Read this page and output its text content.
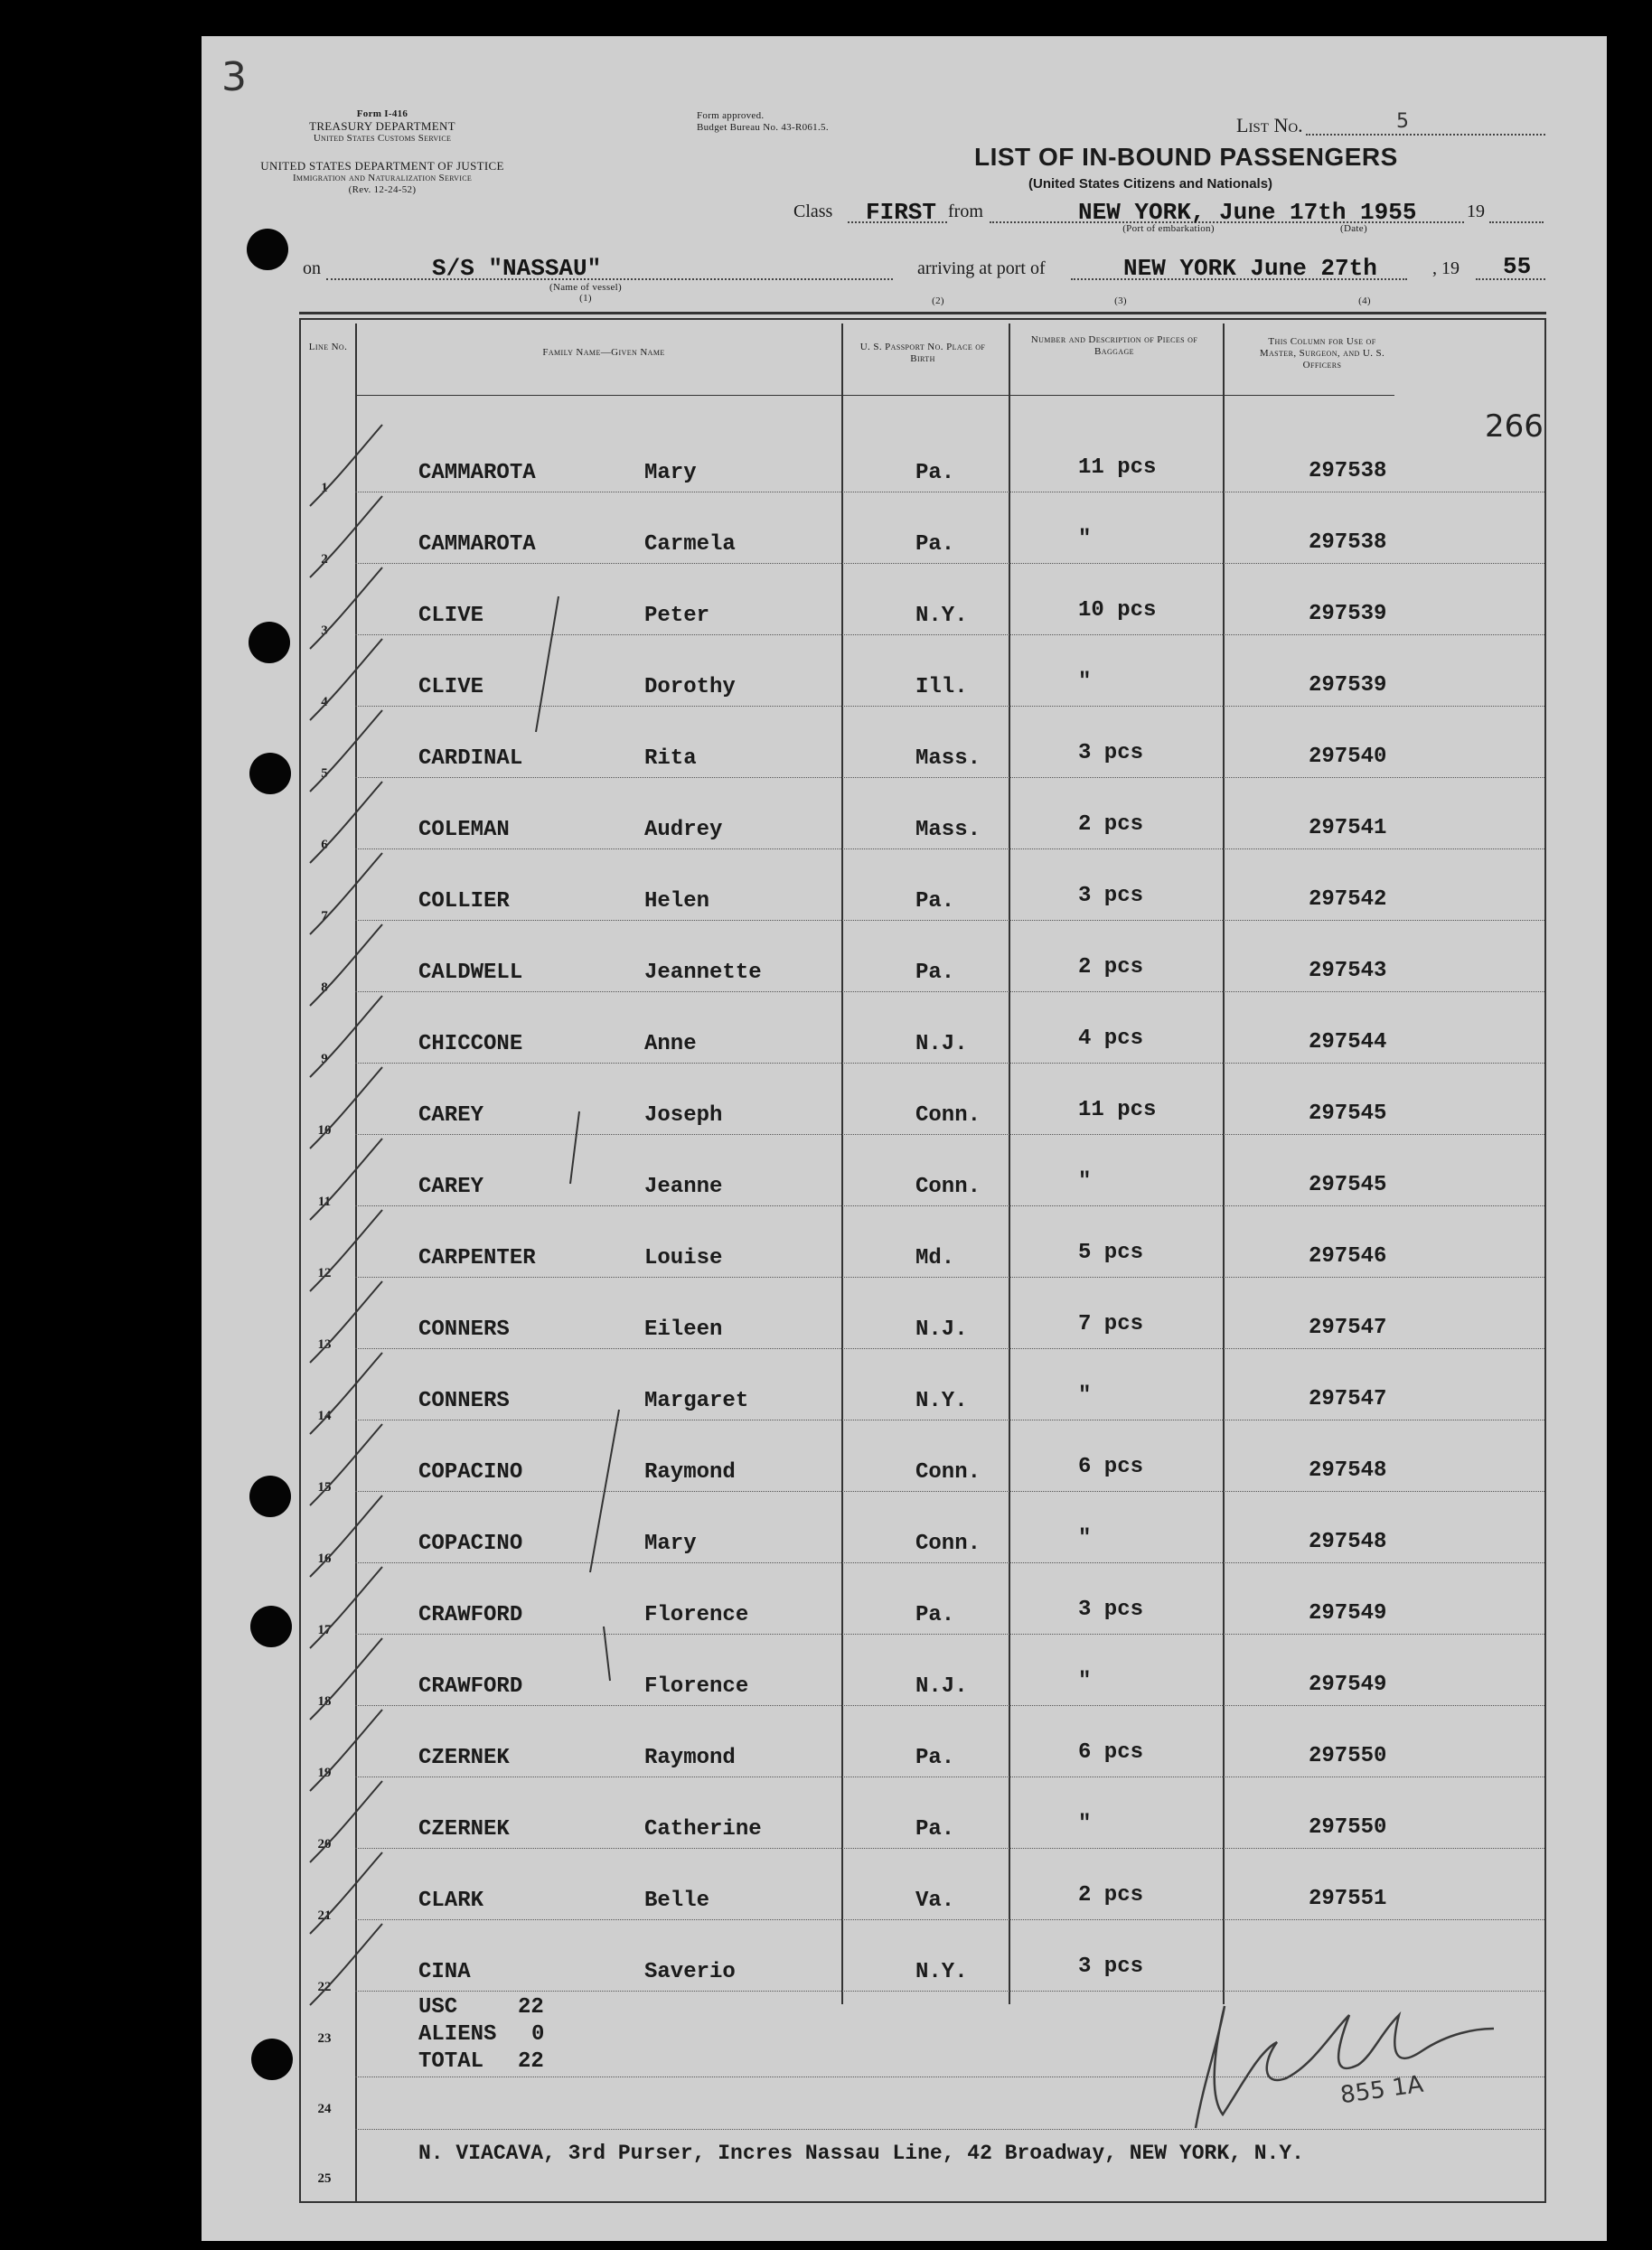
3
Form I-416
TREASURY DEPARTMENT
United States Customs Service
UNITED STATES DEPARTMENT OF JUSTICE
Immigration and Naturalization Service
(Rev. 12-24-52)
Form approved.
Budget Bureau No. 43-R061.5.	List No.	5
LIST OF IN-BOUND PASSENGERS
(United States Citizens and Nationals)
Class FIRST from	NEW YORK, June 17th 1955	19
(Port of embarkation)	(Date)
on	S/S "NASSAU"
(Name of vessel)
(1)
arriving at port of	NEW YORK June 27th	, 19 55
(2)	(3)	(4)
Line No.	Family Name—Given Name	U. S. Passport No. Place of Birth
Number and Description of Pieces of Baggage
This Column for Use of Master, Surgeon, and U. S. Officers
266
1
CAMMAROTA	Mary	Pa.	11 pcs	297538
2
CAMMAROTA	Carmela	Pa.	"	297538
3
CLIVE	Peter	N.Y.	10 pcs	297539
4
CLIVE	Dorothy	Ill.	"	297539
5
CARDINAL	Rita	Mass.	3 pcs	297540
6
COLEMAN	Audrey	Mass.	2 pcs	297541
7
COLLIER	Helen	Pa.	3 pcs	297542
8
CALDWELL	Jeannette	Pa.	2 pcs	297543
9
CHICCONE	Anne	N.J.	4 pcs	297544
10
CAREY	Joseph	Conn.	11 pcs	297545
11
CAREY	Jeanne	Conn.	"	297545
12
CARPENTER	Louise	Md.	5 pcs	297546
13
CONNERS	Eileen	N.J.	7 pcs	297547
14
CONNERS	Margaret	N.Y.	"	297547
15
COPACINO	Raymond	Conn.	6 pcs	297548
16
COPACINO	Mary	Conn.	"	297548
17
CRAWFORD	Florence	Pa.	3 pcs	297549
18
CRAWFORD	Florence	N.J.	"	297549
19
CZERNEK	Raymond	Pa.	6 pcs	297550
20
CZERNEK	Catherine	Pa.	"	297550
21
CLARK	Belle	Va.	2 pcs	297551
22
CINA	Saverio	N.Y.	3 pcs
USC	22
ALIENS 0
TOTAL 22
23
24
N. VIACAVA, 3rd Purser, Incres Nassau Line, 42 Broadway, NEW YORK, N.Y.
25
855 1A
